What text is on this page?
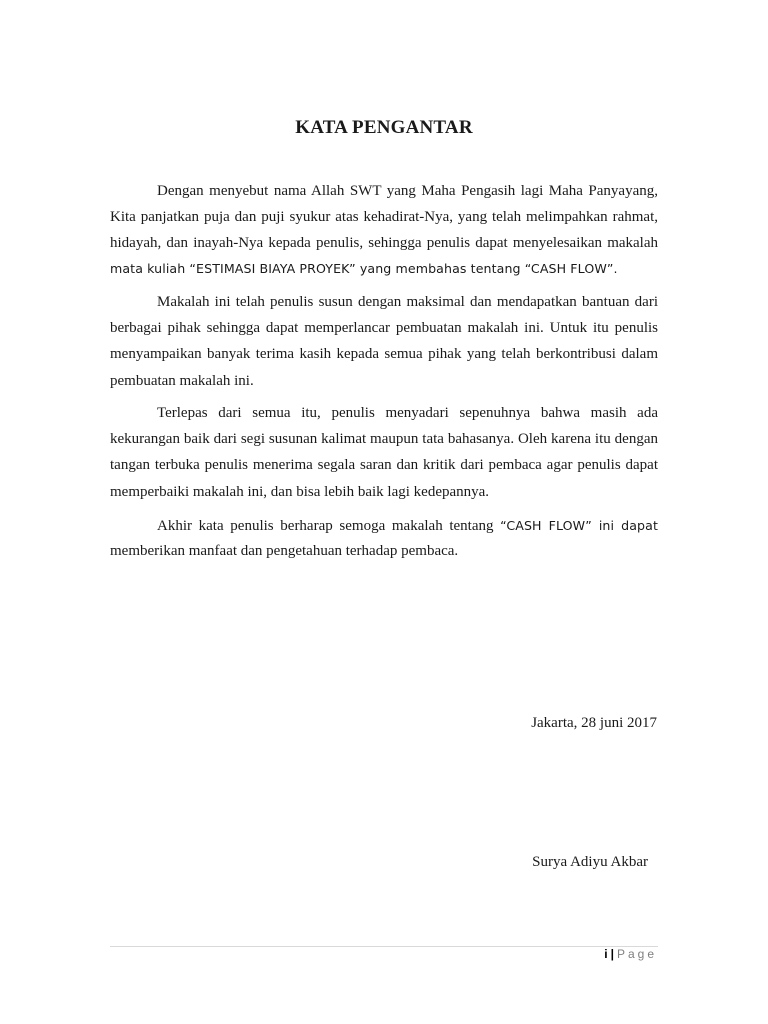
KATA PENGANTAR

Dengan menyebut nama Allah SWT yang Maha Pengasih lagi Maha Panyayang, Kita panjatkan puja dan puji syukur atas kehadirat-Nya, yang telah melimpahkan rahmat, hidayah, dan inayah-Nya kepada penulis, sehingga penulis dapat menyelesaikan makalah mata kuliah “ESTIMASI BIAYA PROYEK” yang membahas tentang “CASH FLOW”.

Makalah ini telah penulis susun dengan maksimal dan mendapatkan bantuan dari berbagai pihak sehingga dapat memperlancar pembuatan makalah ini. Untuk itu penulis menyampaikan banyak terima kasih kepada semua pihak yang telah berkontribusi dalam pembuatan makalah ini.

Terlepas dari semua itu, penulis menyadari sepenuhnya bahwa masih ada kekurangan baik dari segi susunan kalimat maupun tata bahasanya. Oleh karena itu dengan tangan terbuka penulis menerima segala saran dan kritik dari pembaca agar penulis dapat memperbaiki makalah ini, dan bisa lebih baik lagi kedepannya.

Akhir kata penulis berharap semoga makalah tentang “CASH FLOW” ini dapat memberikan manfaat dan pengetahuan terhadap pembaca.

Jakarta, 28 juni 2017

Surya Adiyu Akbar

i | Page
